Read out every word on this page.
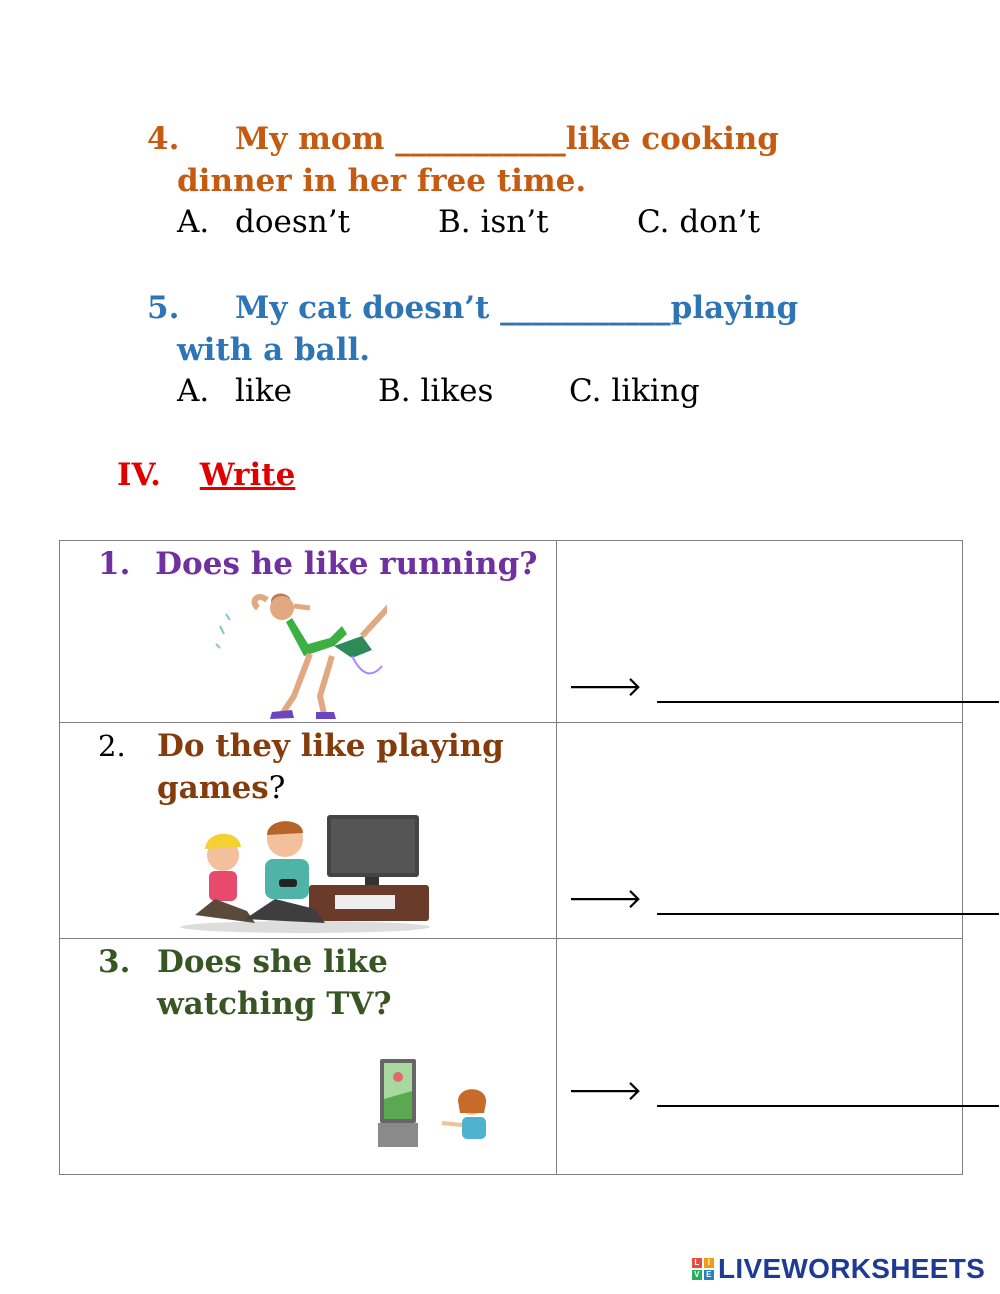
4. My mom ___________like cooking
dinner in her free time.
A. doesn’t	B. isn’t	C. don’t
5. My cat doesn’t ___________playing
with a ball.
A. like	B. likes C. liking
IV. Write
1. Does he like running?	🡒

2. Do they like playing
games?	🡒

3. Does she like
watching TV?	🡒
L	I
V E LIVEWORKSHEETS
